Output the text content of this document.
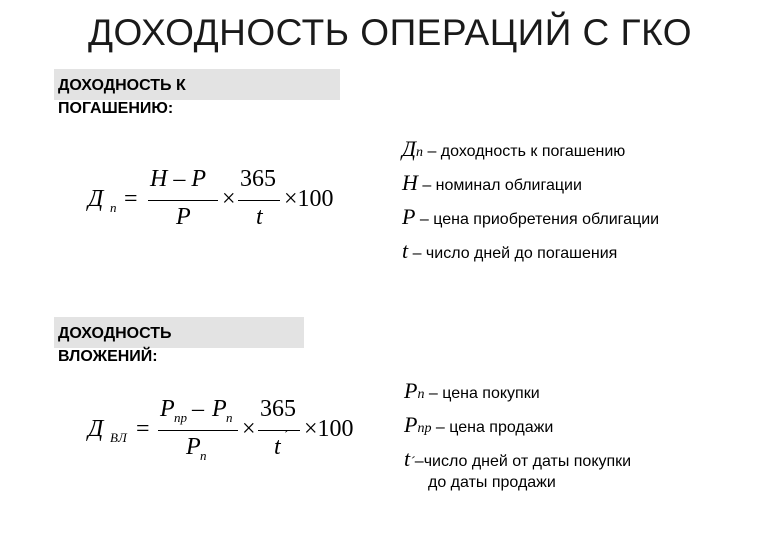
ДОХОДНОСТЬ ОПЕРАЦИЙ С ГКО
ДОХОДНОСТЬ К
ПОГАШЕНИЮ:
Д п =
Н – Р
Р
×
365
t
×100
Дп – доходность к погашению
Н – номинал облигации
Р – цена приобретения облигации
t – число дней до погашения
ДОХОДНОСТЬ
ВЛОЖЕНИЙ:
Д ВЛ =
Р пр – Р п
Р п
×
365
t ´ ×100
Рп – цена покупки
Рпр – цена продажи
t´–число дней от даты покупки
до даты продажи
